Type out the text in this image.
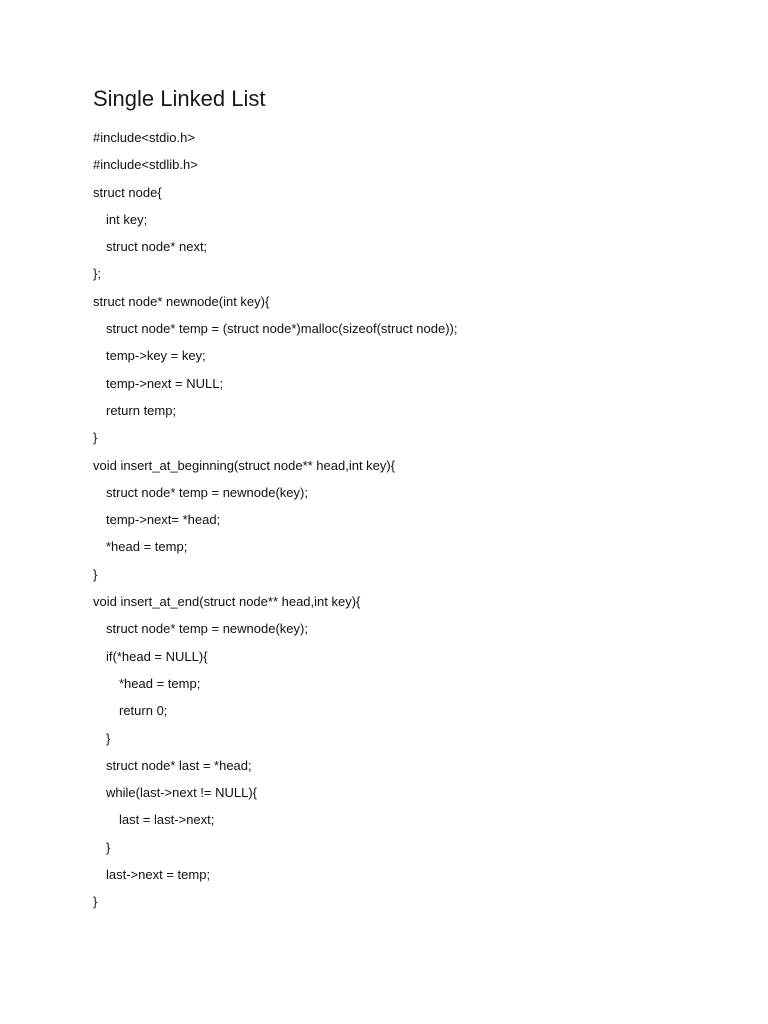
Single Linked List
#include<stdio.h>
#include<stdlib.h>
struct node{
int key;
struct node* next;
};
struct node* newnode(int key){
struct node* temp = (struct node*)malloc(sizeof(struct node));
temp->key = key;
temp->next = NULL;
return temp;
}
void insert_at_beginning(struct node** head,int key){
struct node* temp = newnode(key);
temp->next= *head;
*head = temp;
}
void insert_at_end(struct node** head,int key){
struct node* temp = newnode(key);
if(*head = NULL){
*head = temp;
return 0;
}
struct node* last = *head;
while(last->next != NULL){
last = last->next;
}
last->next = temp;
}
